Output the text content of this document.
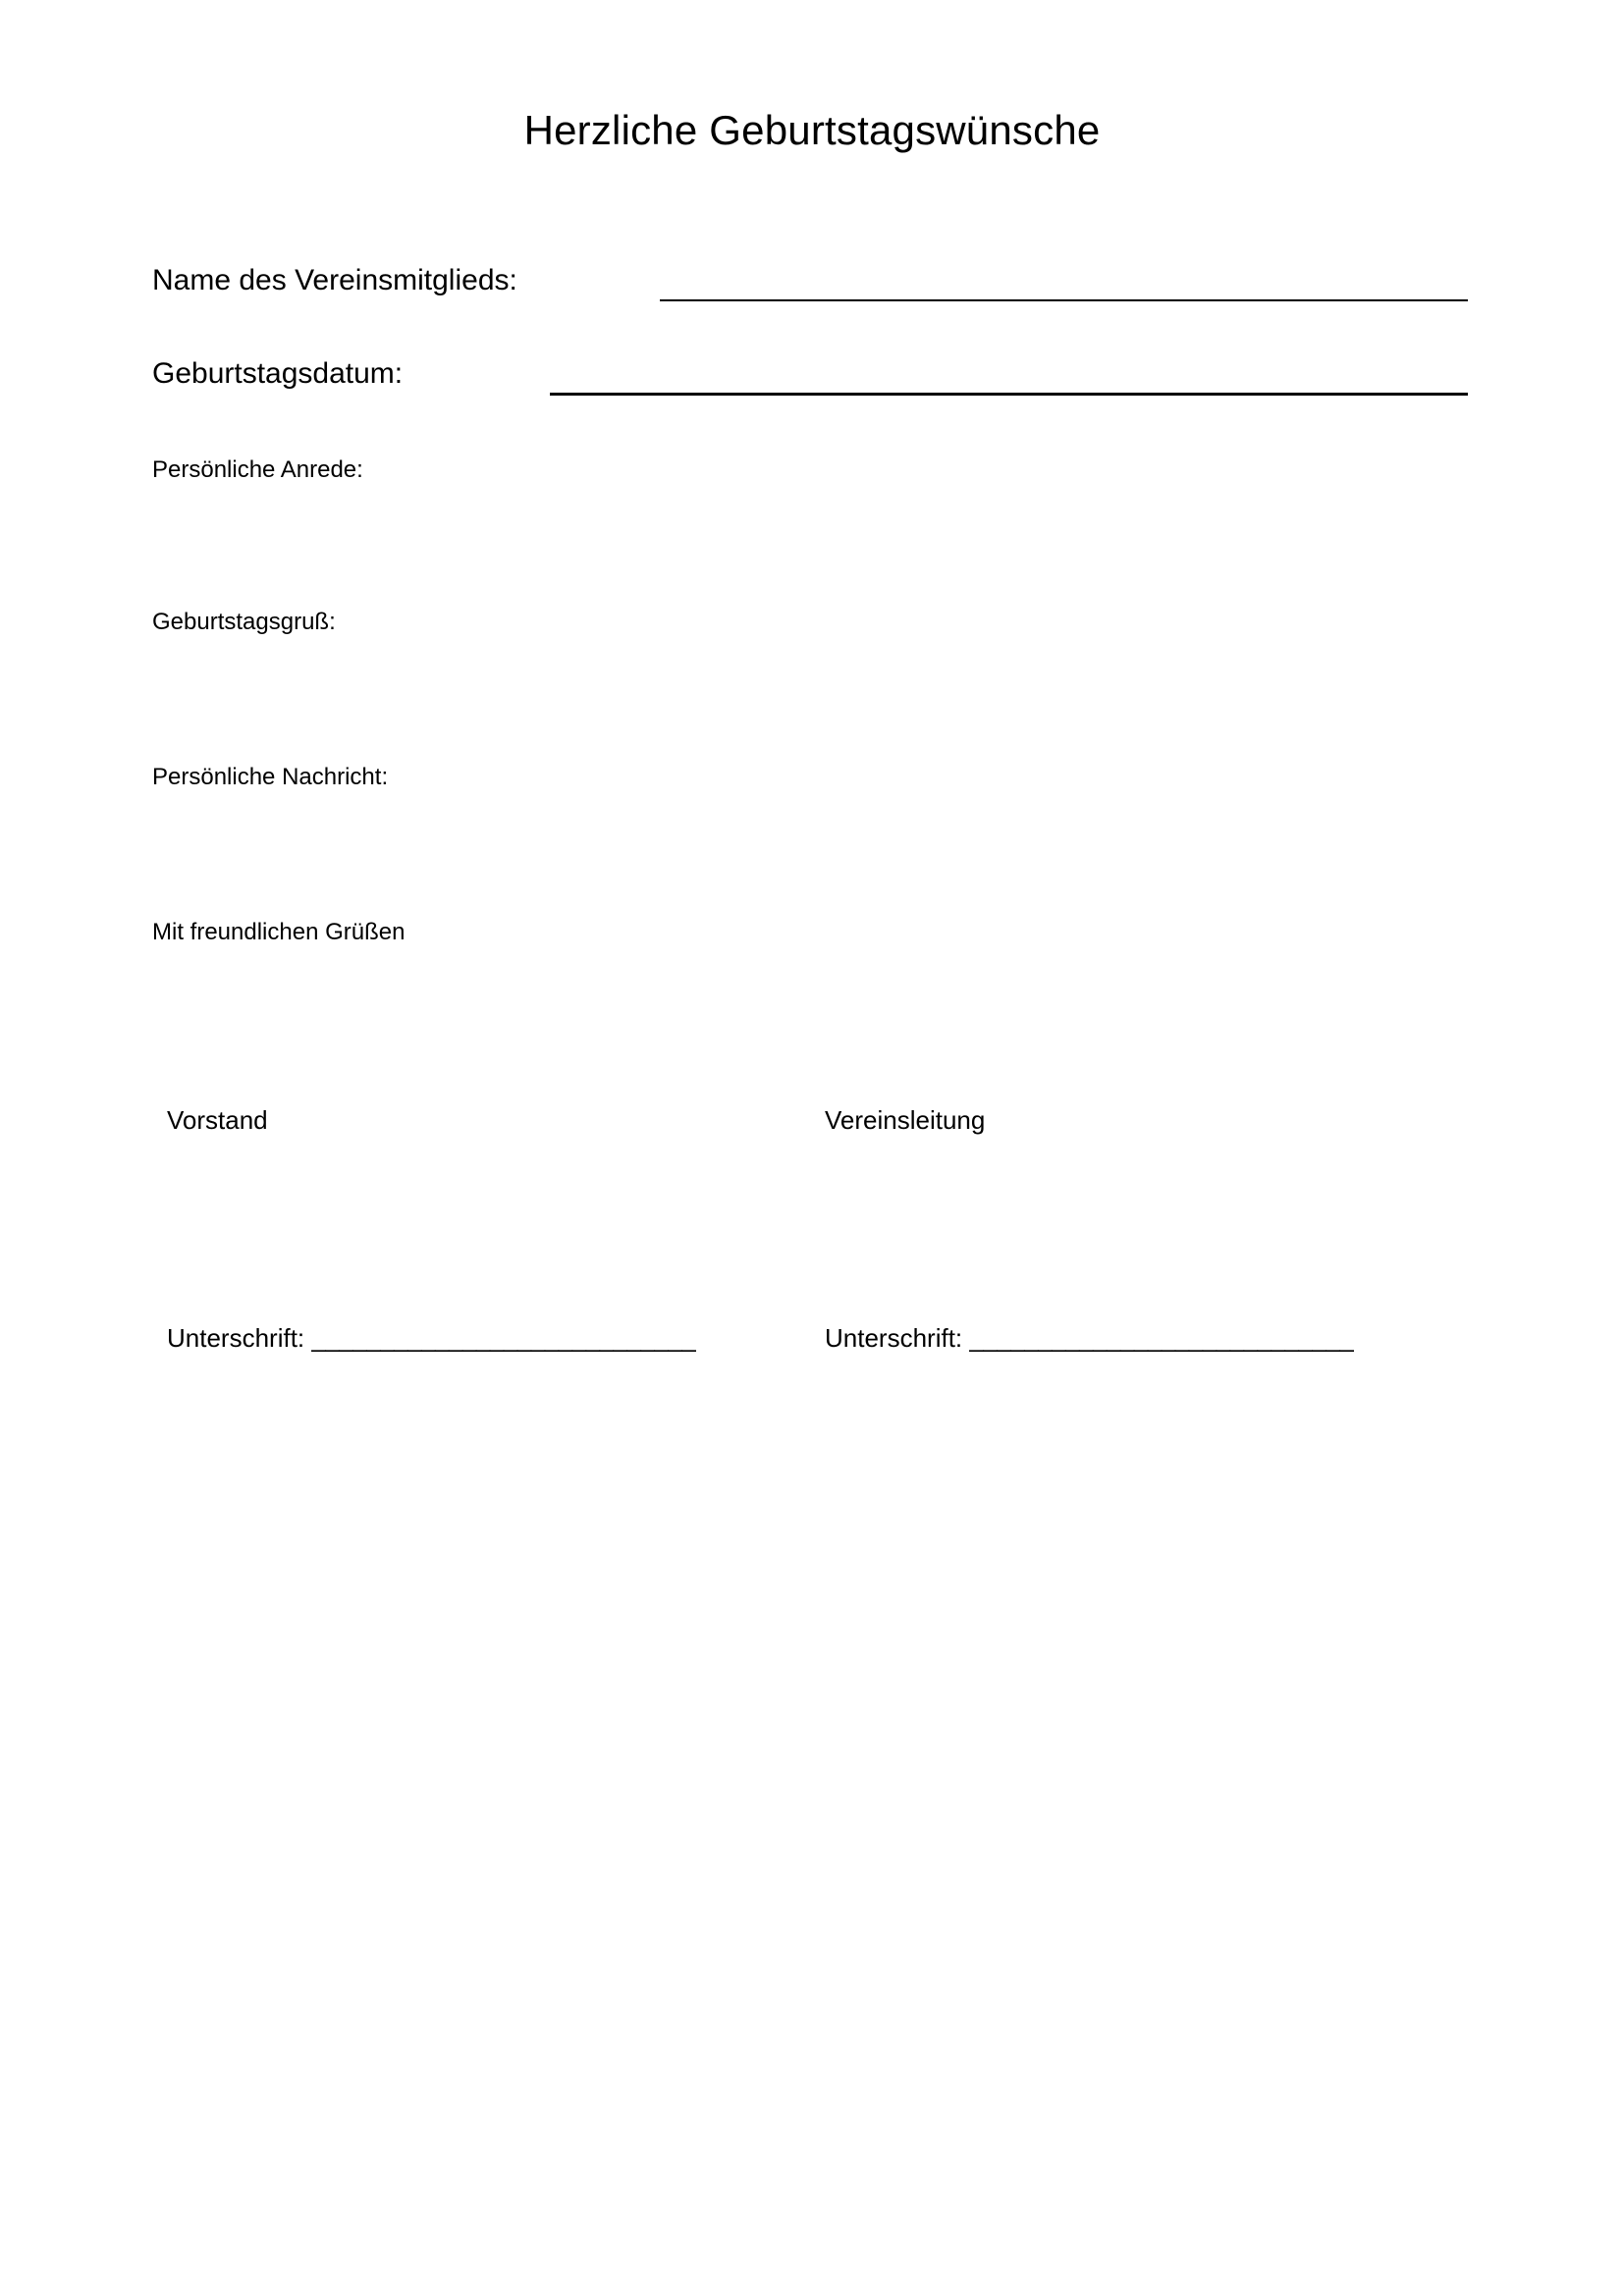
Herzliche Geburtstagswünsche
Name des Vereinsmitglieds:
Geburtstagsdatum:
Persönliche Anrede:
Geburtstagsgruß:
Persönliche Nachricht:
Mit freundlichen Grüßen
Vorstand	Vereinsleitung
Unterschrift: ____________________________	Unterschrift: ____________________________
